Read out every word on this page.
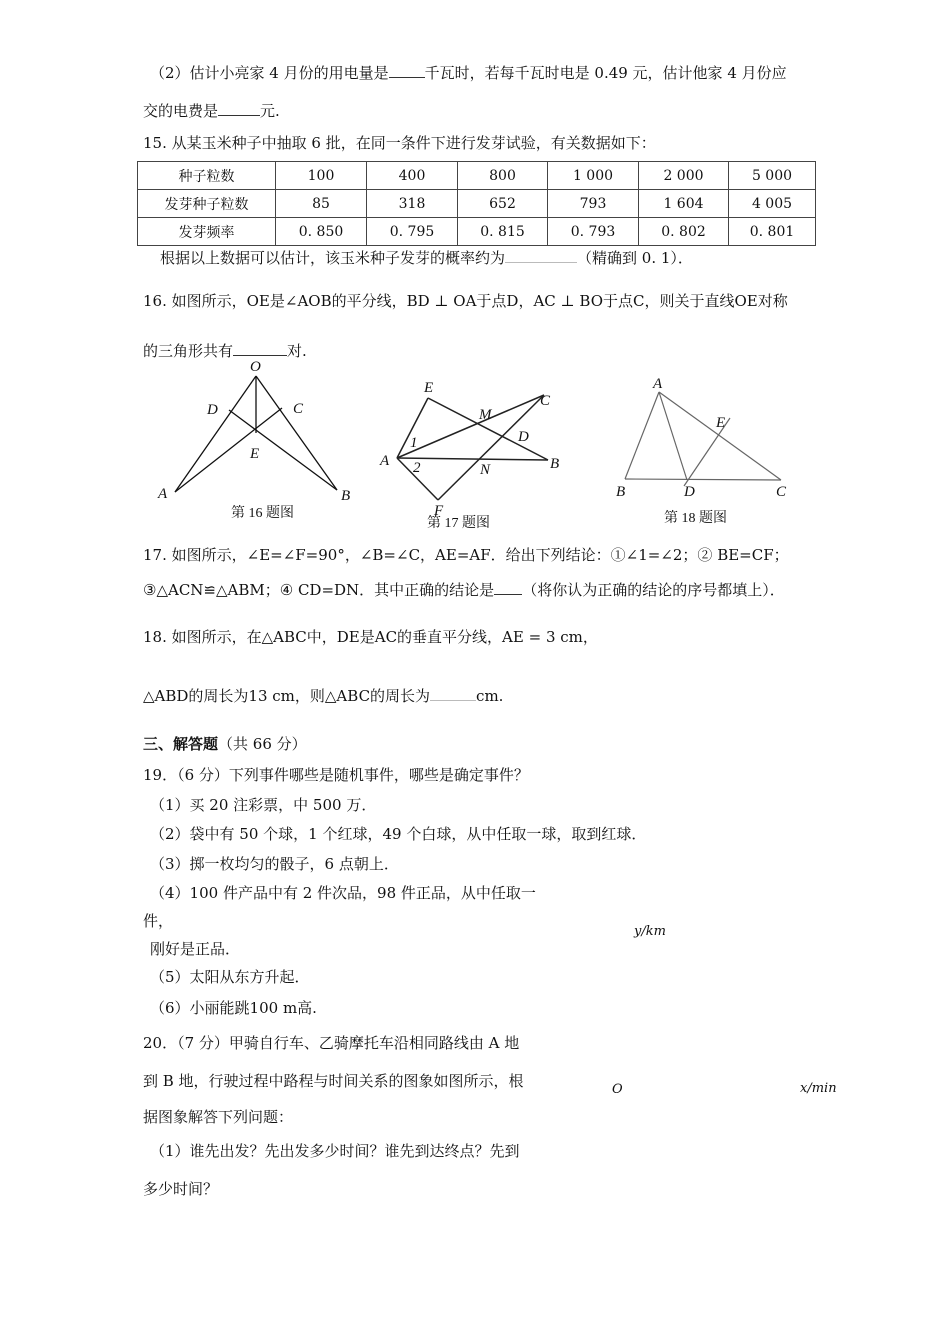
（2）估计小亮家 4 月份的用电量是 千瓦时，若每千瓦时电是 0.49 元，估计他家 4 月份应
交的电费是	元.
15. 从某玉米种子中抽取 6 批，在同一条件下进行发芽试验，有关数据如下：
种子粒数	100	400	800	1 000	2 000	5 000
发芽种子粒数	85	318	652	793	1 604	4 005
发芽频率	0. 850	0. 795	0. 815	0. 793	0. 802	0. 801
根据以上数据可以估计，该玉米种子发芽的概率约为	（精确到 0. 1）．
16. 如图所示，OE是∠AOB的平分线，BD ⊥ OA于点D，AC ⊥ BO于点C，则关于直线OE对称
的三角形共有	对.
O
D	C
E
A	B
第 16 题图
E
M
C
D
A	B
N
F
1
2
第 17 题图
A
E
B	D	C
第 18 题图
17. 如图所示，∠E=∠F=90°，∠B=∠C，AE=AF．给出下列结论：①∠1=∠2；② BE=CF；
③△ACN≌△ABM；④ CD=DN．其中正确的结论是 （将你认为正确的结论的序号都填上）．
18. 如图所示，在△ABC中，DE是AC的垂直平分线，AE = 3 cm，
△ABD的周长为13 cm，则△ABC的周长为	cm.
三、解答题（共 66 分）
19．（6 分）下列事件哪些是随机事件，哪些是确定事件？
（1）买 20 注彩票，中 500 万．
（2）袋中有 50 个球，1 个红球，49 个白球，从中任取一球，取到红球．
（3）掷一枚均匀的骰子，6 点朝上．
（4）100 件产品中有 2 件次品，98 件正品，从中任取一
件，
刚好是正品．
（5）太阳从东方升起．
（6）小丽能跳100 m高.
20．（7 分）甲骑自行车、乙骑摩托车沿相同路线由 A 地
到 B 地，行驶过程中路程与时间关系的图象如图所示，根
据图象解答下列问题：
（1）谁先出发？先出发多少时间？谁先到达终点？先到
多少时间？
y/km
O	x/min
